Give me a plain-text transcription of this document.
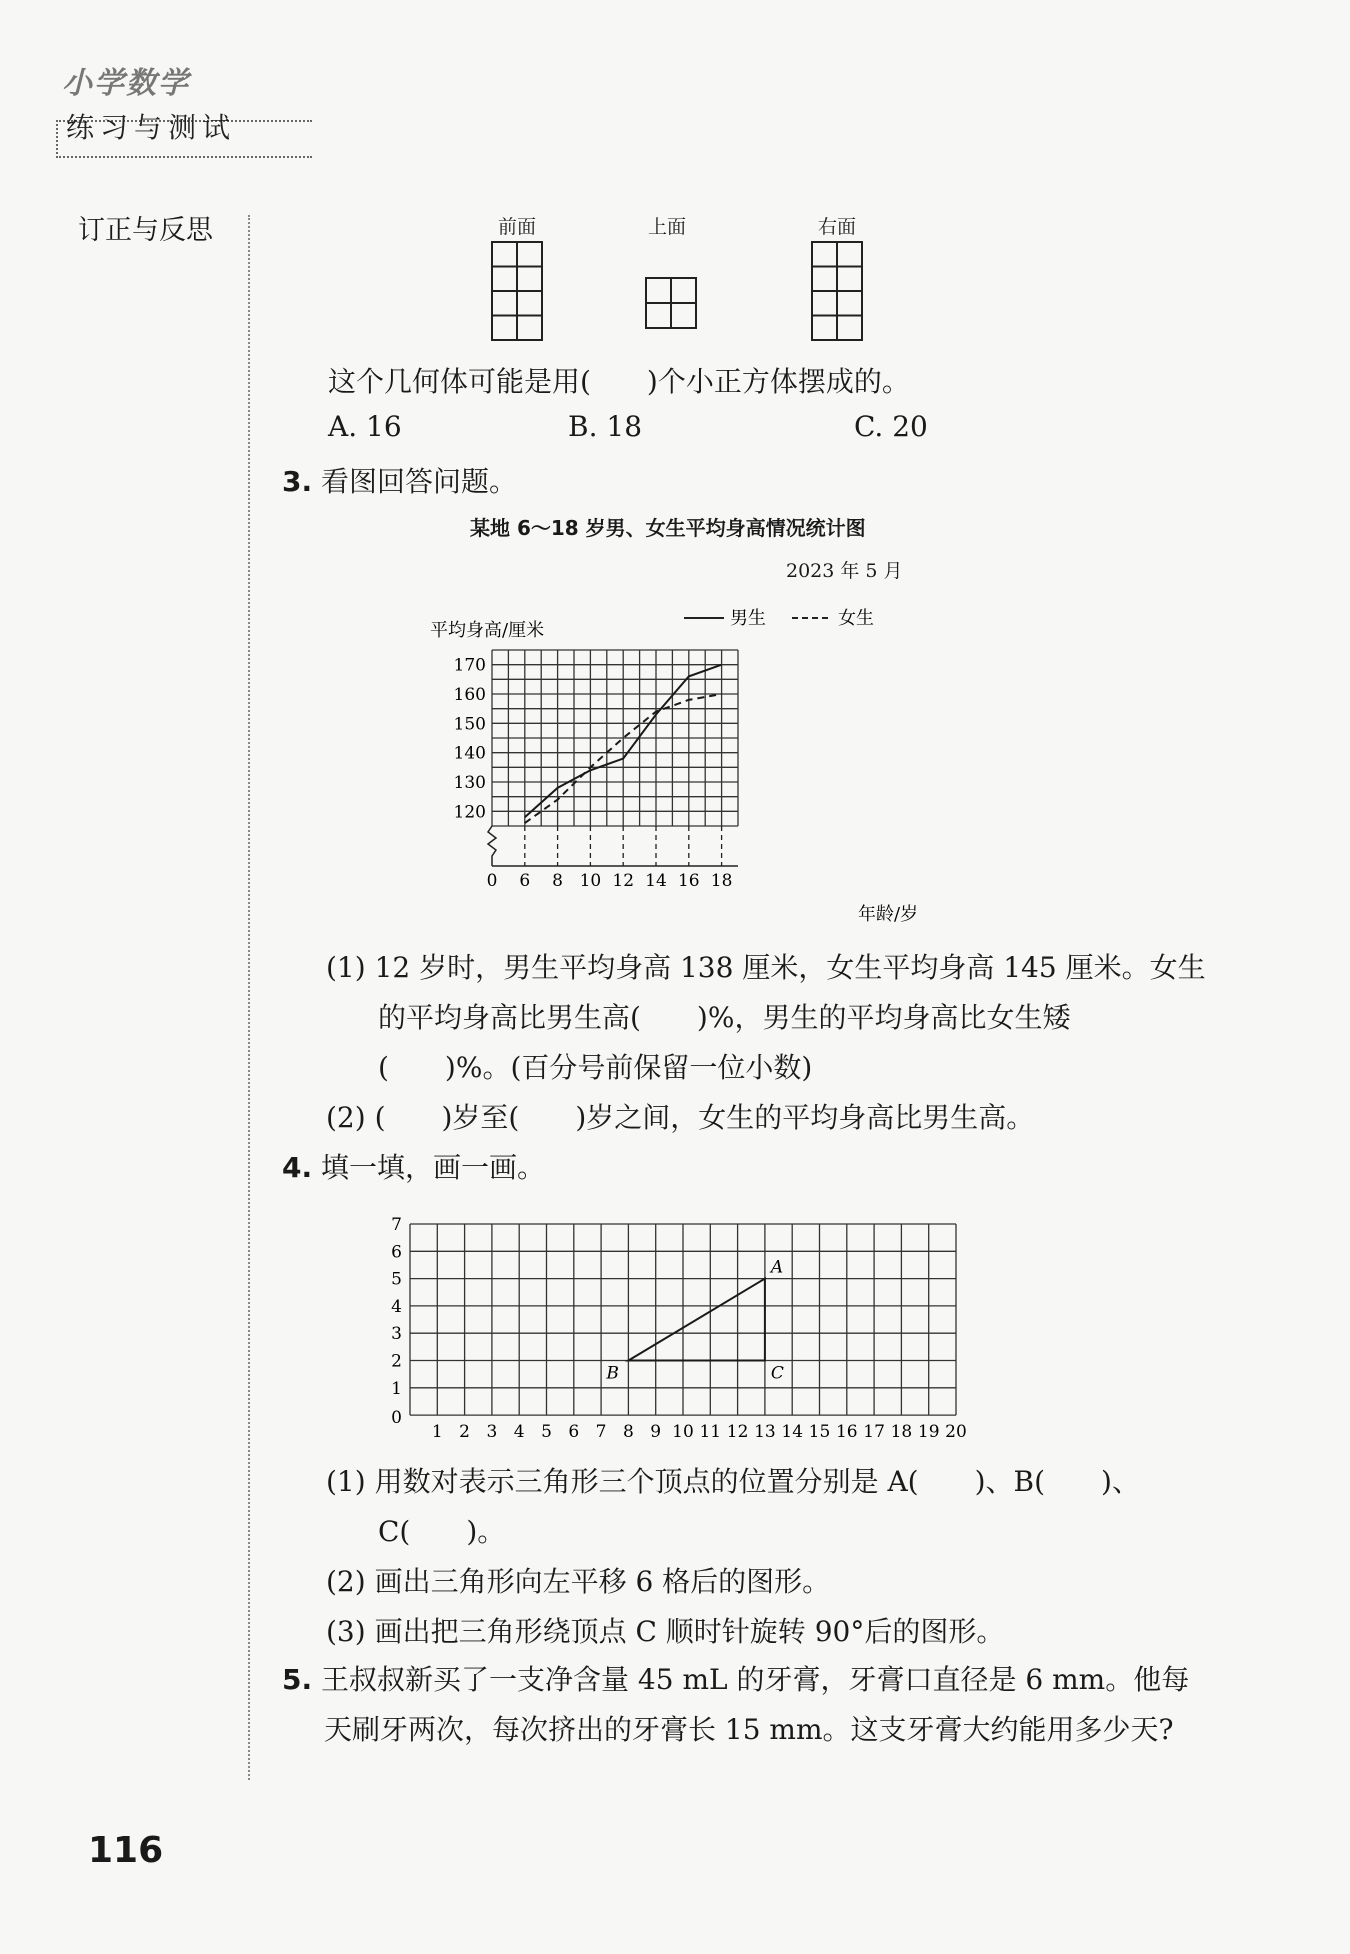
小学数学
练习与测试
订正与反思	前面	上面	右面
这个几何体可能是用(　　)个小正方体摆成的。
A. 16	B. 18	C. 20
3. 看图回答问题。
某地 6～18 岁男、女生平均身高情况统计图
2023 年 5 月
平均身高/厘米
男生	女生
0 6 8 10 12 14 16 18
120
130
140
150
160
170
年龄/岁
(1) 12 岁时，男生平均身高 138 厘米，女生平均身高 145 厘米。女生
的平均身高比男生高(　　)%，男生的平均身高比女生矮
(　　)%。(百分号前保留一位小数)
(2) (　　)岁至(　　)岁之间，女生的平均身高比男生高。
4. 填一填，画一画。
1 2 3 4 5 6 7 8 9 10 11 12 13 14 15 16 17 18 19 20
0
1
2
3
4
5
6
7
A
B	C
(1) 用数对表示三角形三个顶点的位置分别是 A(　　)、B(　　)、
C(　　)。
(2) 画出三角形向左平移 6 格后的图形。
(3) 画出把三角形绕顶点 C 顺时针旋转 90°后的图形。
5. 王叔叔新买了一支净含量 45 mL 的牙膏，牙膏口直径是 6 mm。他每
天刷牙两次，每次挤出的牙膏长 15 mm。这支牙膏大约能用多少天?
116
